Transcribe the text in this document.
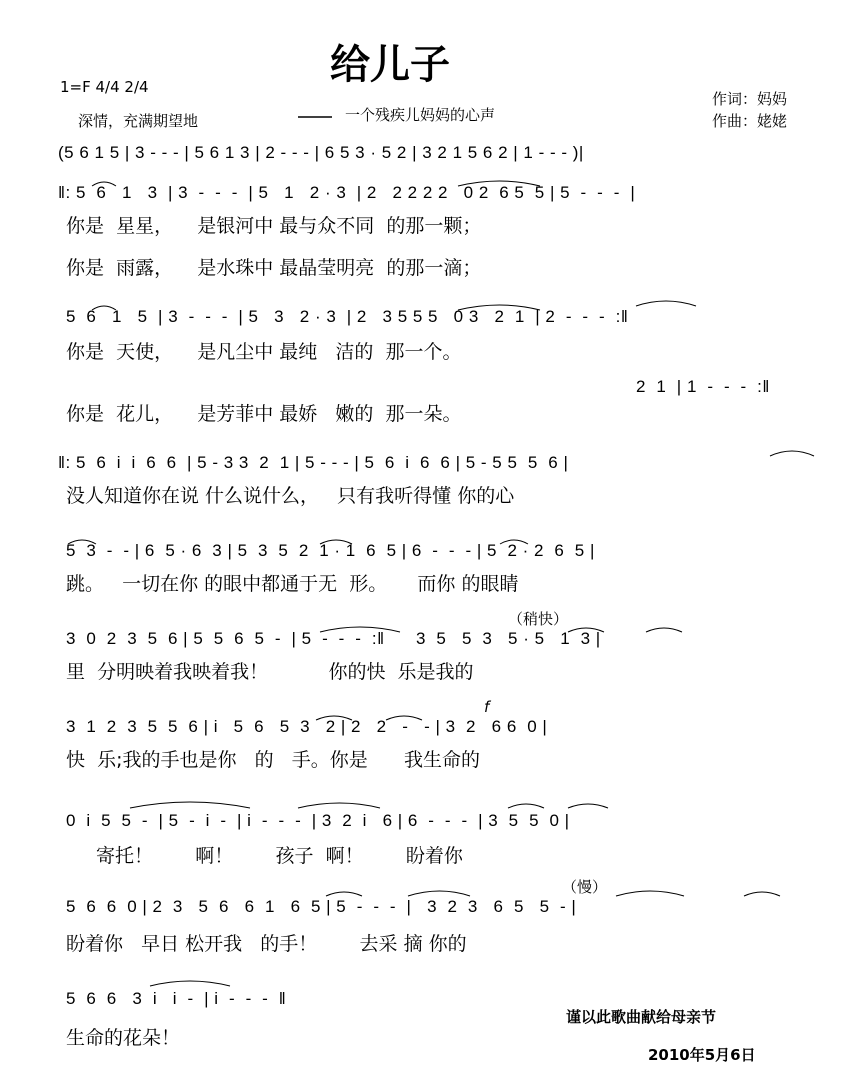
给儿子
1=F 4/4 2/4
深情，充满期望地	一个残疾儿妈妈的心声
作词：妈妈
作曲：姥姥
(5 6 1 5 | 3 - - - | 5 6 1 3 | 2 - - - | 6 5 3 · 5 2 | 3 2 1 5 6 2 | 1 - - - )|
‖: 5  6   1   3  | 3  -  -  -  | 5   1   2 · 3  | 2   2 2 2 2   0 2  6 5  5 | 5  -  -  -  |
你是  星星，    是银河中 最与众不同  的那一颗；
你是  雨露，    是水珠中 最晶莹明亮  的那一滴；
5  6   1   5  | 3  -  -  -  | 5   3   2 · 3  | 2   3 5 5 5   0 3   2  1  | 2  -  -  -  :‖
你是  天使，    是凡尘中 最纯   洁的  那一个。
2  1  | 1  -  -  -  :‖
你是  花儿，    是芳菲中 最娇   嫩的  那一朵。
‖: 5  6  i  i  6  6  | 5 - 3 3  2  1 | 5 - - - | 5  6  i  6  6 | 5 - 5 5  5  6 |
没人知道你在说 什么说什么，   只有我听得懂 你的心
5  3  -  - | 6  5 · 6  3 | 5  3  5  2  1 · 1  6  5 | 6  -  -  - | 5  2 · 2  6  5 |
跳。   一切在你 的眼中都通于无  形。     而你 的眼睛
（稍快）
3  0  2  3  5  6 | 5  5  6  5  -  | 5  -  -  -  :‖      3  5   5  3   5 · 5   1  3 |
里  分明映着我映着我！          你的快  乐是我的
f
3  1  2  3  5  5  6 | i   5  6   5  3   2 | 2   2   -   - | 3  2   6 6  0 |
快  乐;我的手也是你   的   手。你是      我生命的
0  i  5  5  -  | 5  -  i  -  | i  -  -  -  | 3  2  i   6 | 6  -  -  -  | 3  5  5  0 |
寄托！       啊！       孩子  啊！       盼着你
（慢）
5  6  6  0 | 2  3   5  6   6  1   6  5 | 5  -  -  -  |   3  2  3   6  5   5  - |
盼着你   早日 松开我   的手！       去采 摘 你的
5  6  6   3  i   i  -  | i  -  -  -  ‖
生命的花朵！
谨以此歌曲献给母亲节
2010年5月6日
